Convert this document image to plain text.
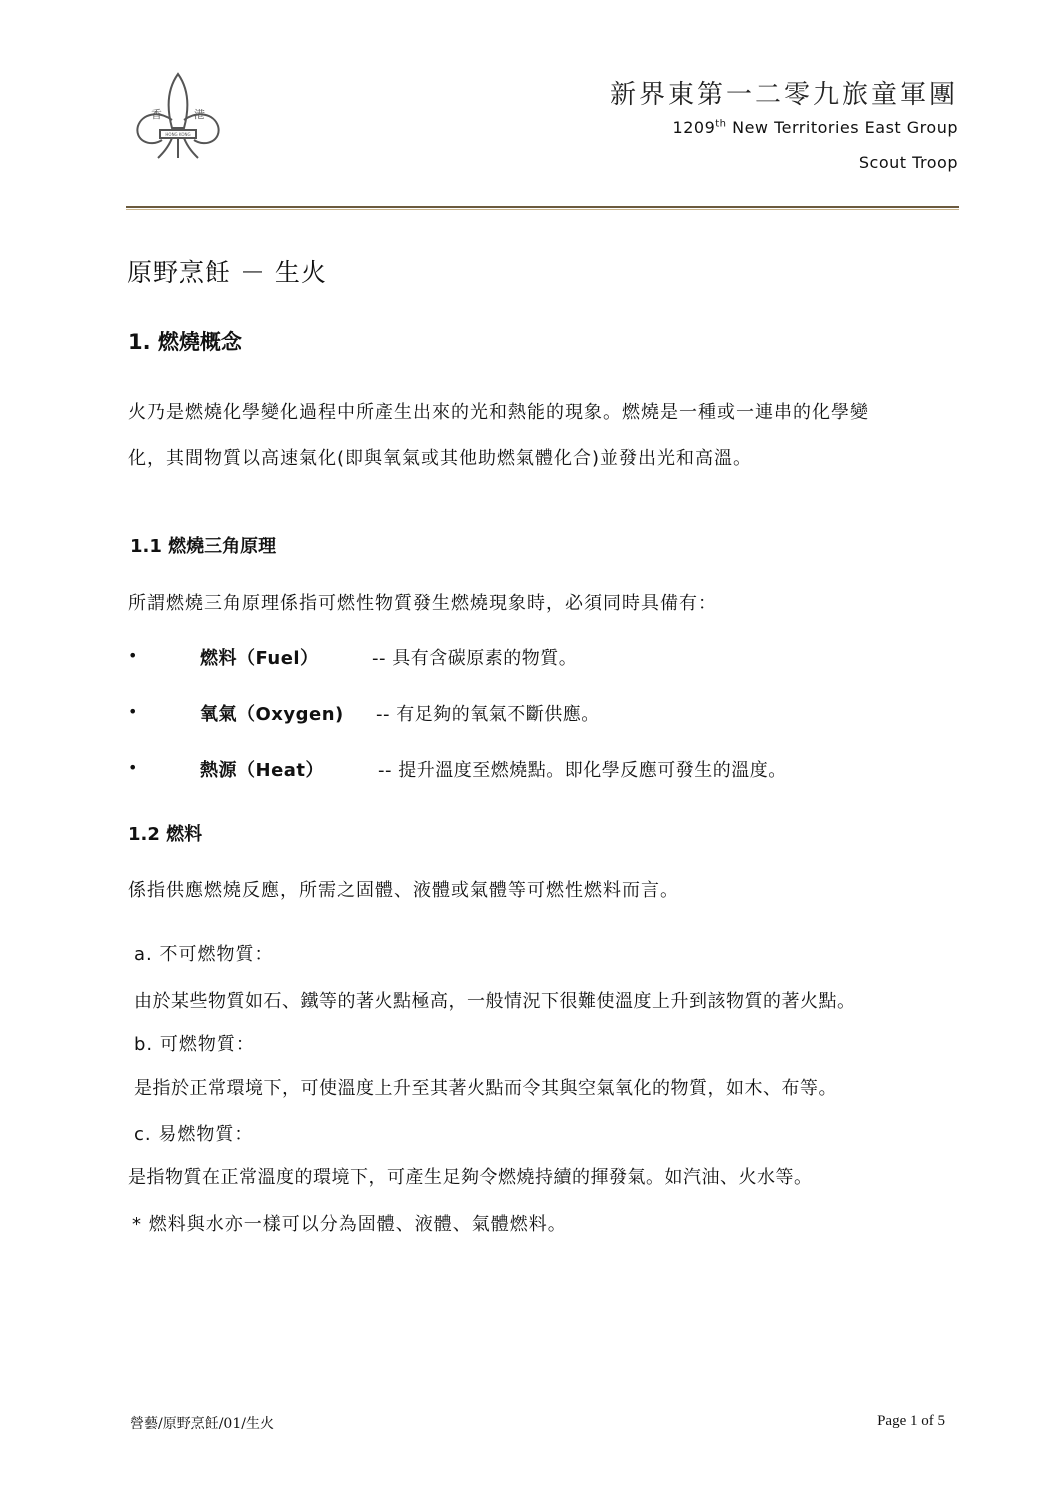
香	港
HONG KONG
新界東第一二零九旅童軍團
1209th New Territories East Group
Scout Troop
原野烹飪 － 生火
1. 燃燒概念
火乃是燃燒化學變化過程中所產生出來的光和熱能的現象。燃燒是一種或一連串的化學變
化，其間物質以高速氣化(即與氧氣或其他助燃氣體化合)並發出光和高溫。
1.1 燃燒三角原理
所謂燃燒三角原理係指可燃性物質發生燃燒現象時，必須同時具備有：
•	燃料（Fuel）	-- 具有含碳原素的物質。
•	氧氣（Oxygen) -- 有足夠的氧氣不斷供應。
•	熱源（Heat）	-- 提升溫度至燃燒點。即化學反應可發生的溫度。
1.2 燃料
係指供應燃燒反應，所需之固體、液體或氣體等可燃性燃料而言。
a. 不可燃物質：
由於某些物質如石、鐵等的著火點極高，一般情況下很難使溫度上升到該物質的著火點。
b. 可燃物質：
是指於正常環境下，可使溫度上升至其著火點而令其與空氣氧化的物質，如木、布等。
c. 易燃物質：
是指物質在正常溫度的環境下，可產生足夠令燃燒持續的揮發氣。如汽油、火水等。
* 燃料與水亦一樣可以分為固體、液體、氣體燃料。
營藝/原野烹飪/01/生火	Page 1 of 5
